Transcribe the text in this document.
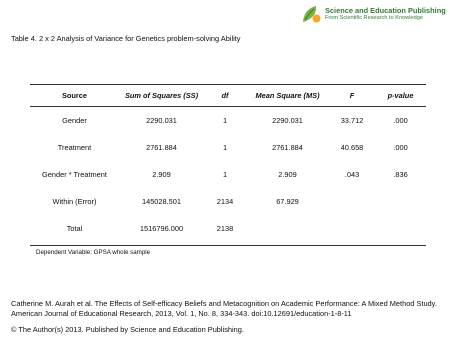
Science and Education Publishing
From Scientific Research to Knowledge
Table 4. 2 x 2 Analysis of Variance for Genetics problem-solving Ability
Source	Sum of Squares (SS)	df	Mean Square (MS)	F	p-value
Gender	2290.031	1	2290.031	33.712	.000
Treatment	2761.884	1	2761.884	40.658	.000
Gender * Treatment	2.909	1	2.909	.043	.836
Within (Error)	145028.501	2134	67.929		
Total	1516796.000	2138			
Dependent Variable: GPSA whole sample

Catherine M. Aurah et al. The Effects of Self-efficacy Beliefs and Metacognition on Academic Performance: A Mixed Method Study. American Journal of Educational Research, 2013, Vol. 1, No. 8, 334-343. doi:10.12691/education-1-8-11

© The Author(s) 2013. Published by Science and Education Publishing.
